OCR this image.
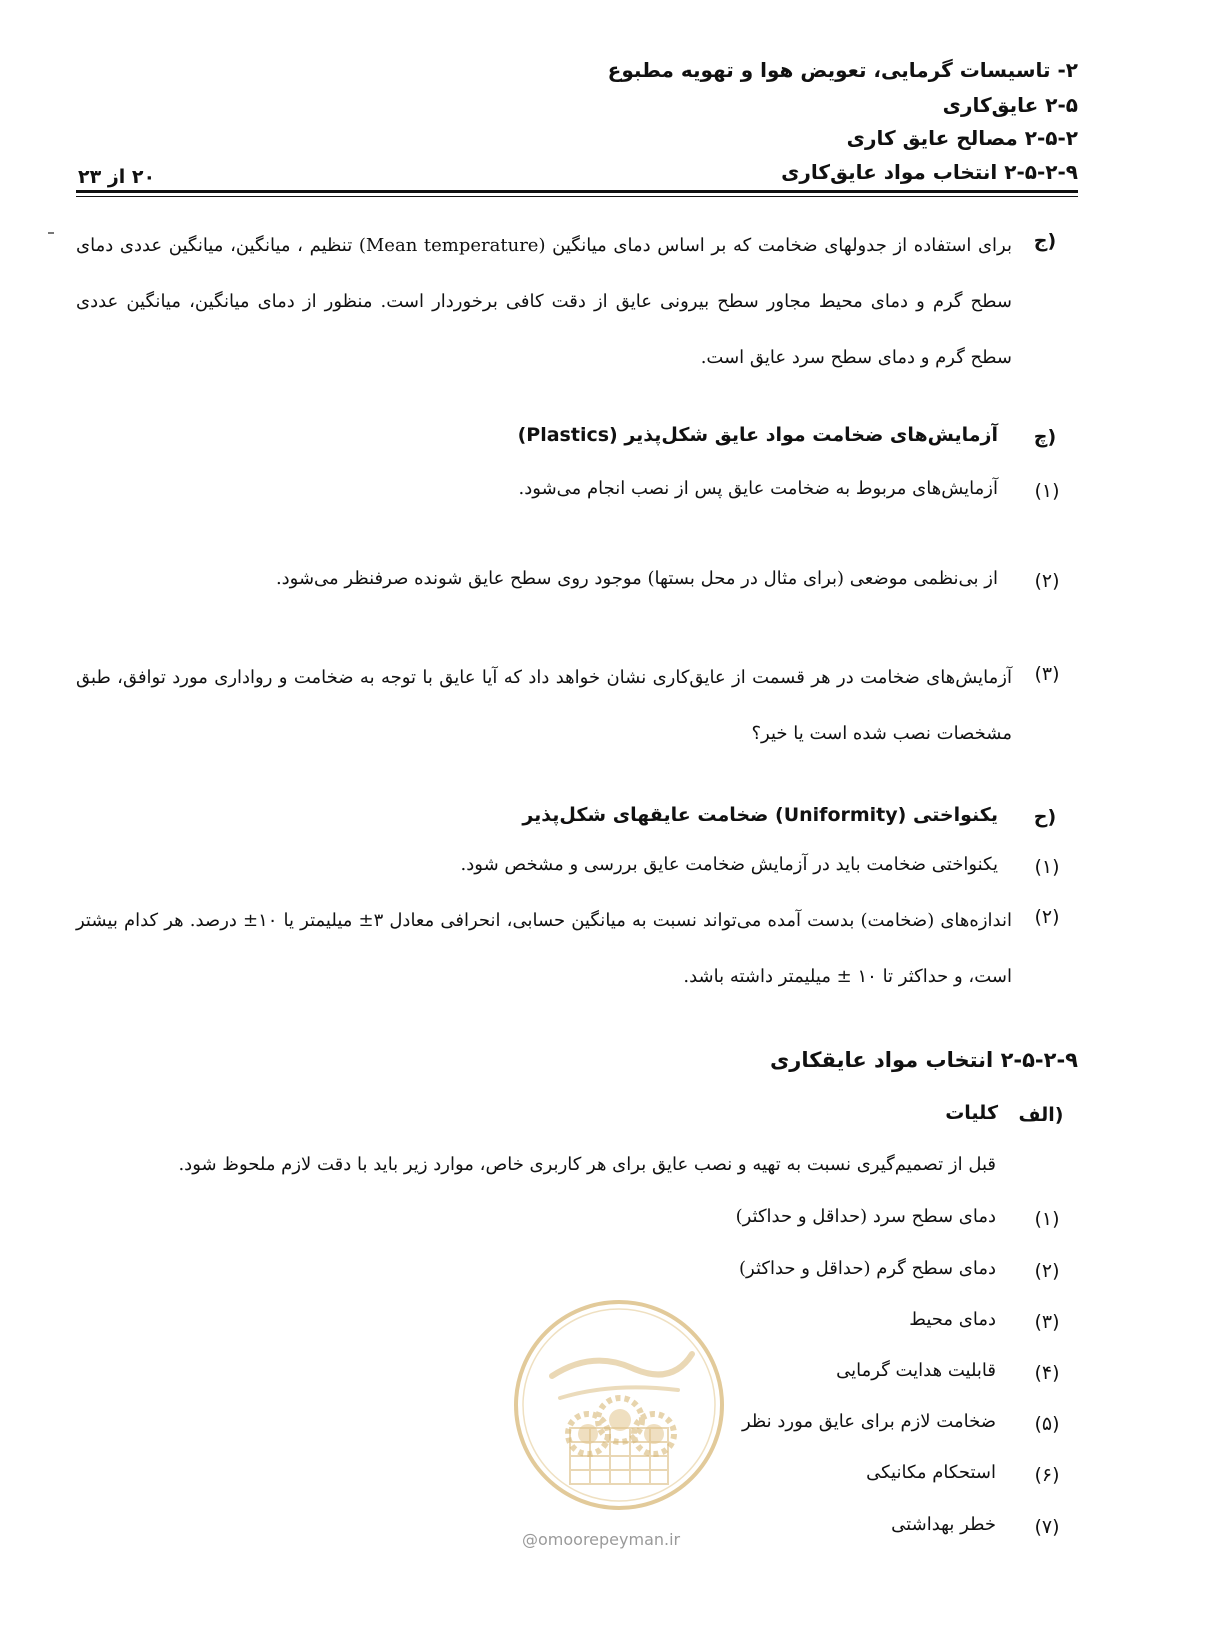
۲- تاسیسات گرمایی، تعویض هوا و تهویه مطبوع
۲-۵ عایق‌کاری
۲-۵-۲ مصالح عایق کاری
۲-۵-۲-۹ انتخاب مواد عایق‌کاری
۲۰ از ۲۳
ج)
برای استفاده از جدولهای ضخامت که بر اساس دمای میانگین (Mean temperature) تنظیم ، میانگین، میانگین عددی دمای سطح گرم و دمای محیط مجاور سطح بیرونی عایق از دقت کافی برخوردار است. منظور از دمای میانگین، میانگین عددی سطح گرم و دمای سطح سرد عایق است.
چ)
آزمایش‌های ضخامت مواد عایق شکل‌پذیر (Plastics)
(۱)
آزمایش‌های مربوط به ضخامت عایق پس از نصب انجام می‌شود.
(۲)
از بی‌نظمی موضعی (برای مثال در محل بستها) موجود روی سطح عایق شونده صرفنظر می‌شود.
(۳)
آزمایش‌های ضخامت در هر قسمت از عایق‌کاری نشان خواهد داد که آیا عایق با توجه به ضخامت و رواداری مورد توافق، طبق مشخصات نصب شده است یا خیر؟
ح)
یکنواختی (Uniformity) ضخامت عایقهای شکل‌پذیر
(۱)
یکنواختی ضخامت باید در آزمایش ضخامت عایق بررسی و مشخص شود.
(۲)
اندازه‌های (ضخامت) بدست آمده می‌تواند نسبت به میانگین حسابی، انحرافی معادل ۳± میلیمتر یا ۱۰± درصد. هر کدام بیشتر است، و حداکثر تا ۱۰ ± میلیمتر داشته باشد.
۲-۵-۲-۹ انتخاب مواد عایقکاری
الف)
کلیات
قبل از تصمیم‌گیری نسبت به تهیه و نصب عایق برای هر کاربری خاص، موارد زیر باید با دقت لازم ملحوظ شود.
(۱)
دمای سطح سرد (حداقل و حداکثر)
(۲)
دمای سطح گرم (حداقل و حداکثر)
(۳)
دمای محیط
(۴)
قابلیت هدایت گرمایی
(۵)
ضخامت لازم برای عایق مورد نظر
(۶)
استحکام مکانیکی
(۷)
خطر بهداشتی
@omoorepeyman.ir
